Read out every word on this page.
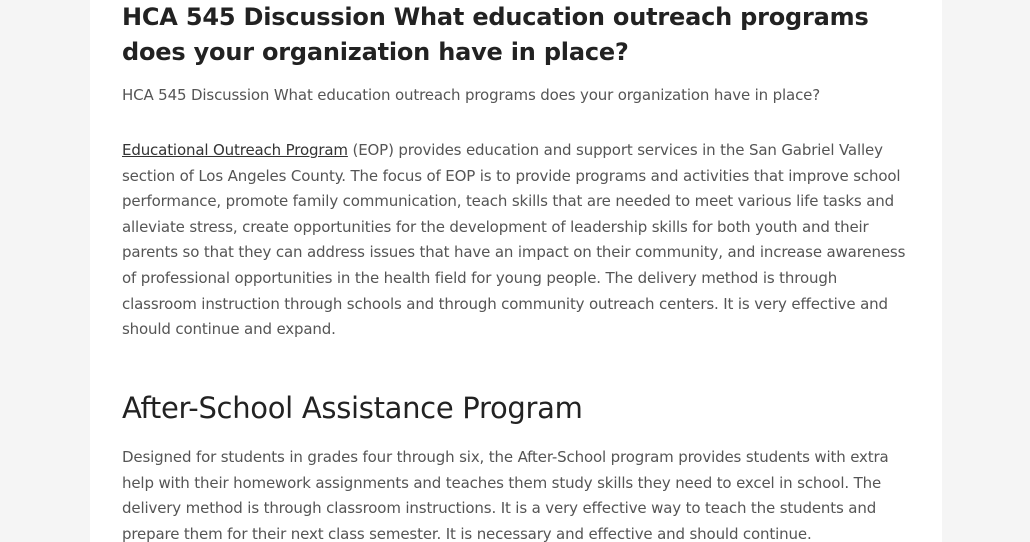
HCA 545 Discussion What education outreach programs does your organization have in place?

HCA 545 Discussion What education outreach programs does your organization have in place?

Educational Outreach Program (EOP) provides education and support services in the San Gabriel Valley section of Los Angeles County. The focus of EOP is to provide programs and activities that improve school performance, promote family communication, teach skills that are needed to meet various life tasks and alleviate stress, create opportunities for the development of leadership skills for both youth and their parents so that they can address issues that have an impact on their community, and increase awareness of professional opportunities in the health field for young people. The delivery method is through classroom instruction through schools and through community outreach centers. It is very effective and should continue and expand.

After-School Assistance Program

Designed for students in grades four through six, the After-School program provides students with extra help with their homework assignments and teaches them study skills they need to excel in school. The delivery method is through classroom instructions. It is a very effective way to teach the students and prepare them for their next class semester. It is necessary and effective and should continue.
